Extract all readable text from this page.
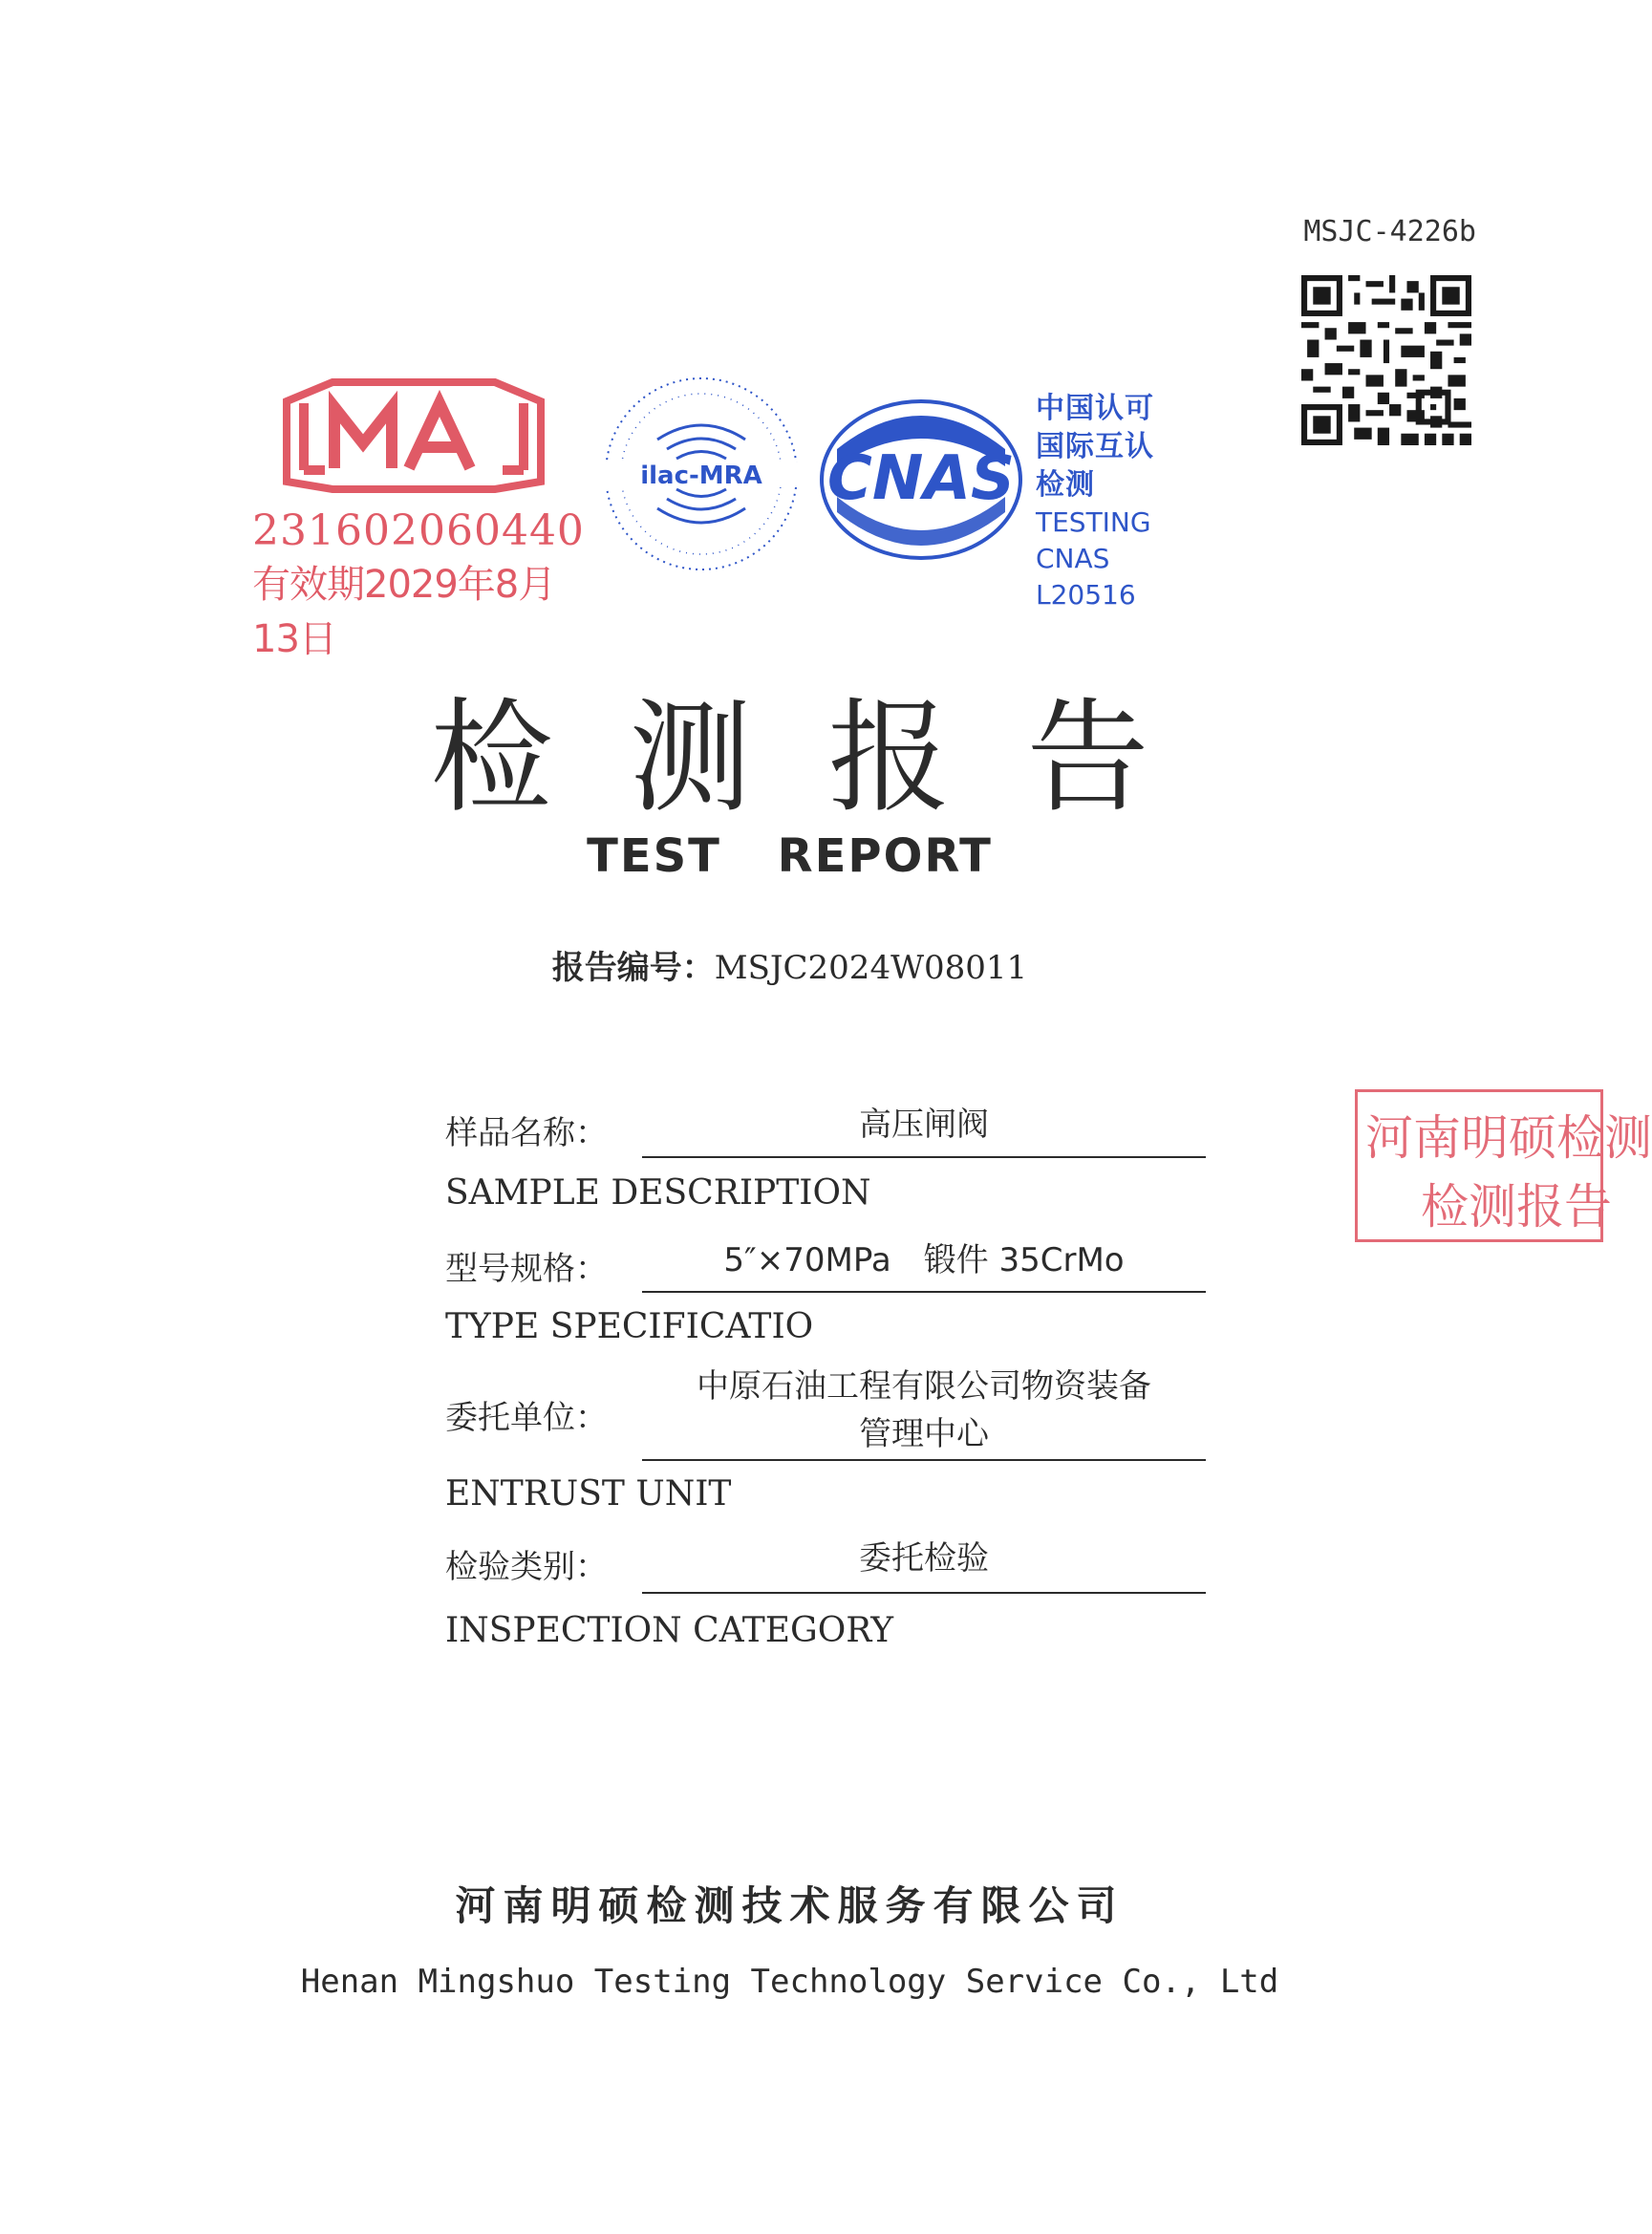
MSJC-4226b
231602060440
有效期2029年8月13日
ilac-MRA CNAS
中国认可
国际互认
检测
TESTING
CNAS L20516
检测报告
TEST REPORT
报告编号：MSJC2024W08011
河南明硕检测
检测报告
样品名称：	高压闸阀
SAMPLE DESCRIPTION
型号规格：	5″×70MPa　锻件 35CrMo
TYPE SPECIFICATIO
委托单位：
中原石油工程有限公司物资装备
管理中心
ENTRUST UNIT
检验类别：	委托检验
INSPECTION CATEGORY
河南明硕检测技术服务有限公司
Henan Mingshuo Testing Technology Service Co., Ltd
